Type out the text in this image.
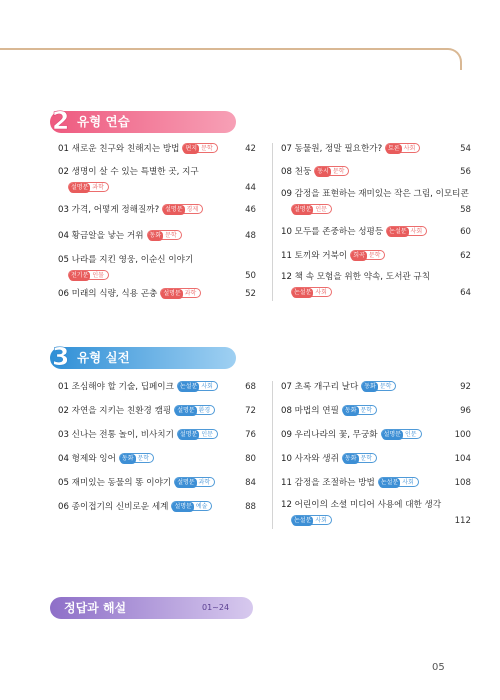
2 유형 연습
01 새로운 친구와 친해지는 방법 편지 문학	42
02 생명이 살 수 있는 특별한 곳, 지구
설명문 과학	44
03 가격, 어떻게 정해질까? 설명문 경제	46
04 황금알을 낳는 거위 동화 문학	48
05 나라를 지킨 영웅, 이순신 이야기
전기문 인물	50
06 미래의 식량, 식용 곤충 설명문 과학	52
07 동물원, 정말 필요한가? 토론 사회	54
08 천둥 동시 문학	56
09 감정을 표현하는 재미있는 작은 그림, 이모티콘
설명문 인문	58
10 모두를 존중하는 성평등 논설문 사회	60
11 토끼와 거북이 희곡 문학	62
12 책 속 모험을 위한 약속, 도서관 규칙
논설문 사회	64
3 유형 실전
01 조심해야 할 기술, 딥페이크 논설문 사회	68
02 자연을 지키는 친환경 캠핑 설명문 환경	72
03 신나는 전통 놀이, 비사치기 설명문 인문	76
04 형제와 잉어 동화 문학	80
05 재미있는 동물의 똥 이야기 설명문 과학	84
06 종이접기의 신비로운 세계 설명문 예술	88
07 초록 개구리 날다 동화 문학	92
08 마법의 연필 동화 문학	96
09 우리나라의 꽃, 무궁화 설명문 인문	100
10 사자와 생쥐 동화 문학	104
11 감정을 조절하는 방법 논설문 사회	108
12 어린이의 소셜 미디어 사용에 대한 생각
논설문 사회	112
정답과 해설	01~24
05
